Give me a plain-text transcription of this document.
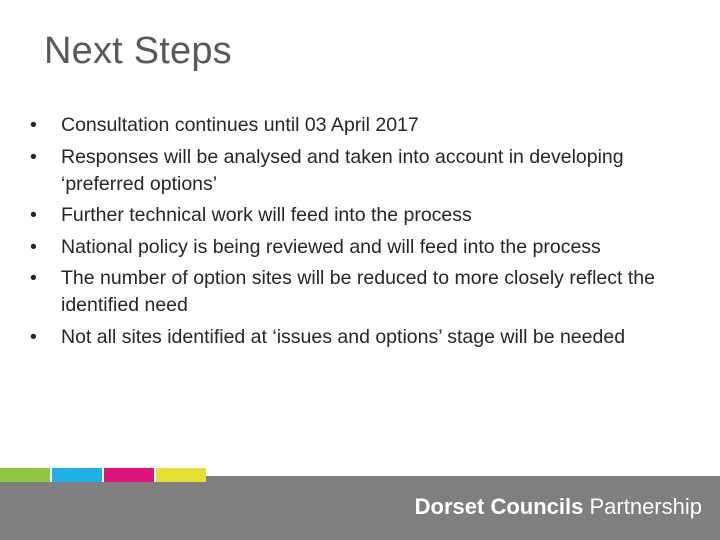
Next Steps
•	Consultation continues until 03 April 2017
•	Responses will be analysed and taken into account in developing ‘preferred options’
•	Further technical work will feed into the process
•	National policy is being reviewed and will feed into the process
•	The number of option sites will be reduced to more closely reflect the identified need
•	Not all sites identified at ‘issues and options’ stage will be needed
Dorset Councils Partnership
